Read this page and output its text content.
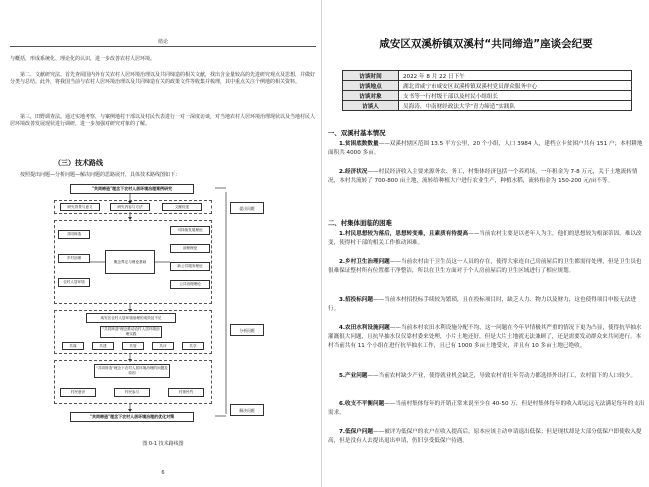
绪论
与概括，形成系统化、理论化的认识，进一步改善农村人居环境。
第二，文献研究法。首先查阅国内外有关农村人居环境治理以及共同缔造的相关文献，找出含金量较高的先进研究观点及思想，并做好分类与总结。此外，将我国当前与农村人居环境治理以及共同缔造有关的政策文件等收集并梳理，其中重点关注个例地的相关资料。
第三，田野调查法。通过实地考察，与案例地村干部以及村民代表进行一对一深度访谈，对当地农村人居环境治理现状以及当地村民人居环境改善发展现状进行调研，进一步加强对研究对象的了解。
（三）技术路线
按照提出问题—分析问题—解决问题的思路展开，具体技术路线图如下：
"共同缔造"理念下农村人居环境治理案例研究
研究背景与意义	研究内容与方法	文献综述
共同缔造
乡村治理
农村人居环境
概念界定与理论基础
可持续发展理论
治理理论
新公共服务理论
公共治理理论
咸安区农村人居环境治理的成效及不足
"共同缔造"理念推动农村人居环境治理实践
共谋	共建	共管	共评	共享
"共同缔造"理念下农村人居环境治理的问题及原因
村民意识	村民参与	村规民约
"共同缔造"理念下农村人居环境治理的优化对策
提出问题
分析问题
解决问题
图 0-1 技术路线图
6
咸安区双溪桥镇双溪村“共同缔造”座谈会纪要
访谈时间	2022 年 8 月 22 日下午
访谈地点	湖北省咸宁市咸安区双溪桥镇双溪村党员群众服务中心
访谈对象	支书等一行村级干部以及村民小组组长
访谈人	吴海涛、中南财经政法大学“青力缔造”实践队
一、双溪村基本情况
1.贫困底数数量——双溪村辖区范围 13.5 平方公里，20 个小组，人口 3984 人，建档立卡贫困户共有 151 户；本村耕地面积共 4000 多亩。
2.经济状况——村民经济收入主要来源务农、务工，村集体经济包括一个养鸡场，一年租金为 7-8 万元，关于土地流转情况，本村共流转了 700-800 亩土地，流转给种植大户进行农业生产，种植水稻，流转租金为 150-200 元/亩不等。
二、村集体面临的困难
1.村民思想较为落后，思想转变难，且素质有待提高——当前农村主要是以老年人为主，他们的思想较为根深蒂固，难以改变，使得村干部的相关工作推动困难。
2.乡村卫生治理问题——当前农村由于卫生员这一人员的存在，使得大家连自己房前屋后的卫生都需待处理，但是卫生员也很难保证整村所有位置都干净整洁，所以在卫生方面对于个人房前屋后的卫生区域进行了相应规划。
3.招投标问题——当前本村招投标手续较为繁琐，且在投标项目时，缺乏人力、物力以及财力，这也使得项目申报无法进行。
4.农田水利设施问题——当前本村农田水利设施分配不均，这一问题在今年旱情极其严重的情况下更为凸显，使得抗旱抽水灌溉很大问题，且抗旱抽水仅仅靠村委来处理，小片土地还好，但是大片土地就无法兼顾了，还是需要发动群众来共同进行。本村当前共有 11 个小组在进行抗旱抽水工作，且已有 1000 多亩土地受灾，并且有 10 多亩土地已绝收。
5.产业问题——当前农村缺少产业，使得就业机会缺乏，导致农村青壮年劳动力都选择外出打工，农村留下的人口较少。
6.收支不平衡问题——当前村集体每年的开销正常来说至少在 40-50 万，但是村集体每年的收入却远远无法满足每年的支出需求。
7.低保户问题——被评为低保户的农户在收入提高后，原本应该主动申请退出低保；但是现状却是大部分低保户即使收入提高，但是没有人去提出退出申请，仍旧享受低保户待遇。
